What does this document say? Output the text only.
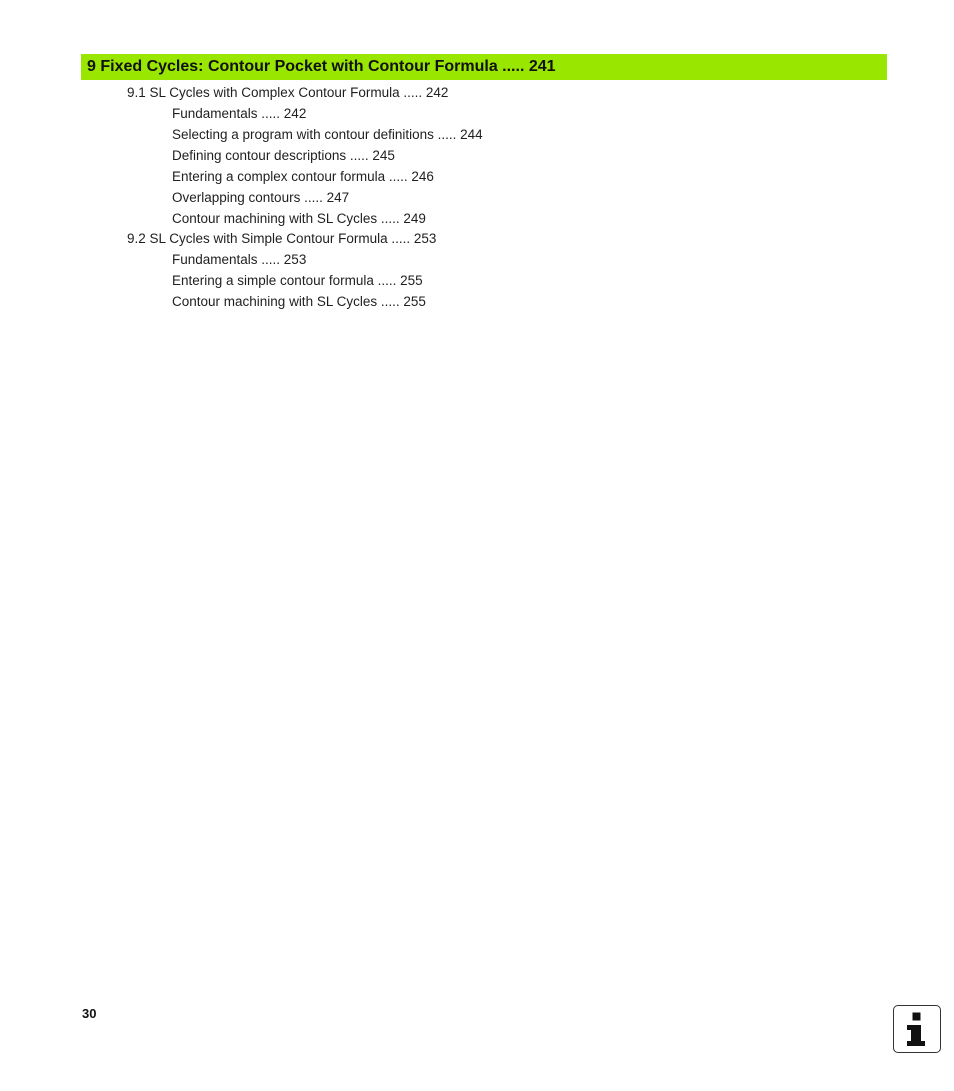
9 Fixed Cycles: Contour Pocket with Contour Formula ..... 241
9.1 SL Cycles with Complex Contour Formula ..... 242
Fundamentals ..... 242
Selecting a program with contour definitions ..... 244
Defining contour descriptions ..... 245
Entering a complex contour formula ..... 246
Overlapping contours ..... 247
Contour machining with SL Cycles ..... 249
9.2 SL Cycles with Simple Contour Formula ..... 253
Fundamentals ..... 253
Entering a simple contour formula ..... 255
Contour machining with SL Cycles ..... 255
30
